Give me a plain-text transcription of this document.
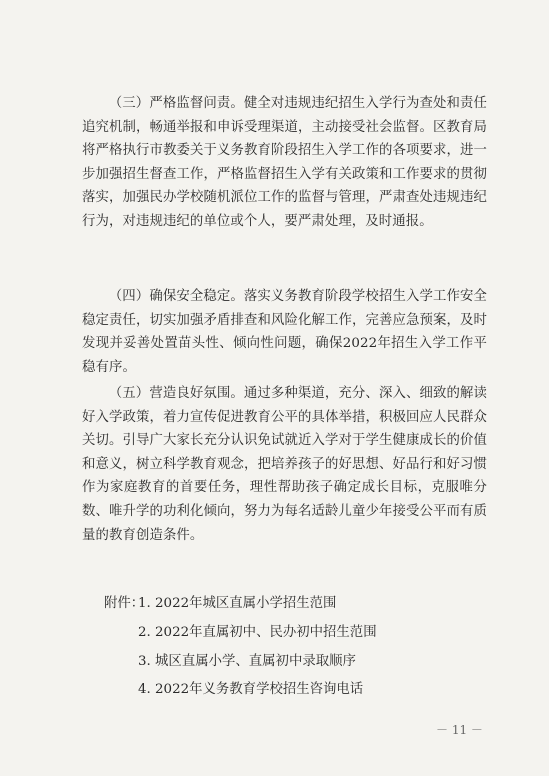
（三）严格监督问责。健全对违规违纪招生入学行为查处和责任追究机制，畅通举报和申诉受理渠道，主动接受社会监督。区教育局将严格执行市教委关于义务教育阶段招生入学工作的各项要求，进一步加强招生督查工作，严格监督招生入学有关政策和工作要求的贯彻落实，加强民办学校随机派位工作的监督与管理，严肃查处违规违纪行为，对违规违纪的单位或个人，要严肃处理，及时通报。

（四）确保安全稳定。落实义务教育阶段学校招生入学工作安全稳定责任，切实加强矛盾排查和风险化解工作，完善应急预案，及时发现并妥善处置苗头性、倾向性问题，确保2022年招生入学工作平稳有序。

（五）营造良好氛围。通过多种渠道，充分、深入、细致的解读好入学政策，着力宣传促进教育公平的具体举措，积极回应人民群众关切。引导广大家长充分认识免试就近入学对于学生健康成长的价值和意义，树立科学教育观念，把培养孩子的好思想、好品行和好习惯作为家庭教育的首要任务，理性帮助孩子确定成长目标，克服唯分数、唯升学的功利化倾向，努力为每名适龄儿童少年接受公平而有质量的教育创造条件。

附件：
1. 2022年城区直属小学招生范围
2. 2022年直属初中、民办初中招生范围
3. 城区直属小学、直属初中录取顺序
4. 2022年义务教育学校招生咨询电话
－ 11 －
